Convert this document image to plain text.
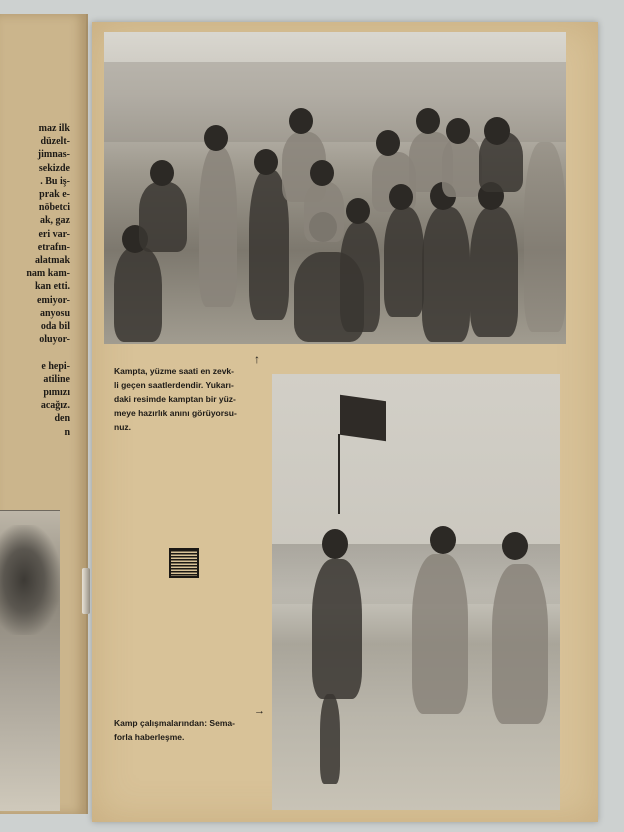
maz ilk
düzelt-
jimnas-
sekizde
. Bu iş-
prak e-
nöbetci
ak, gaz
eri var-
etrafın-
alatmak
nam kam-
kan etti.
emiyor-
anyosu
oda bil
oluyor-

e hepi-
atiline
pımızı
acağız.
den
n
↑
Kampta, yüzme saati en zevk-
li geçen saatlerdendir. Yukarı-
daki resimde kamptan bir yüz-
meye hazırlık anını görüyorsu-
nuz.
→
Kamp çalışmalarından: Sema-
forla haberleşme.
